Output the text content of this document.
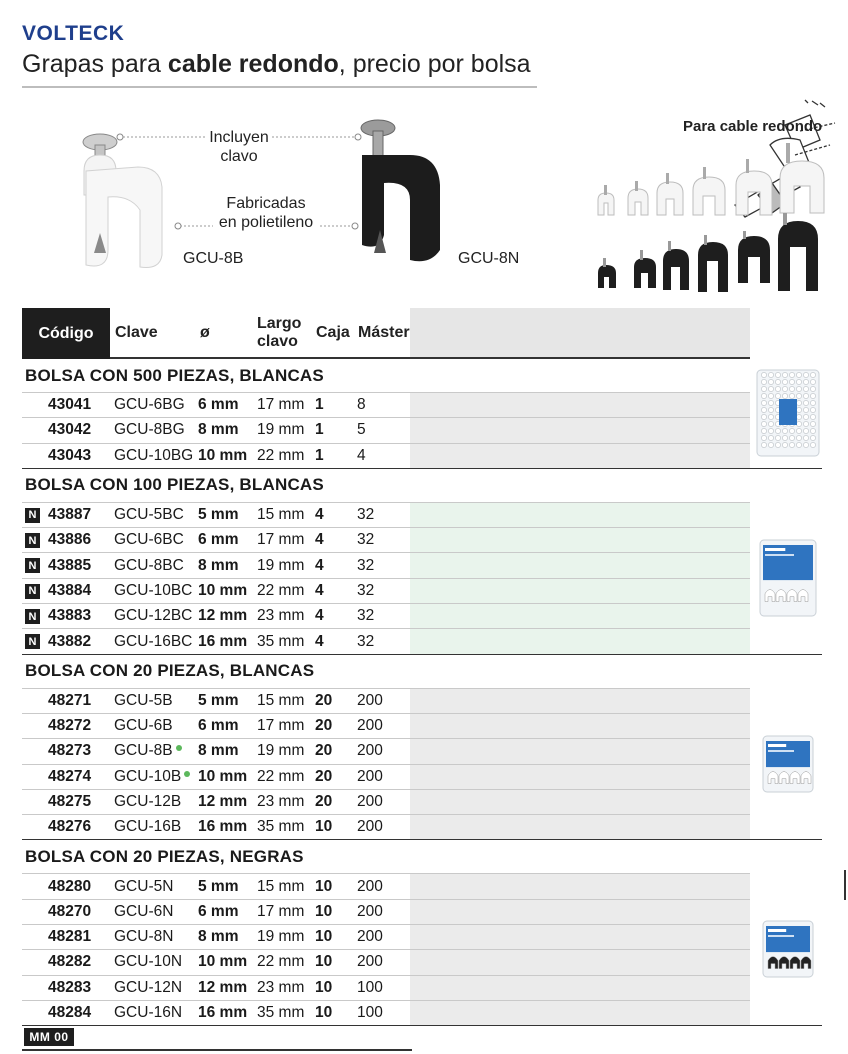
VOLTECK
Grapas para cable redondo, precio por bolsa
Incluyen
clavo
Fabricadas
en polietileno
GCU-8B	GCU-8N
Para cable redondo
Código	Clave	ø
Largo
clavo
Caja Máster
BOLSA CON 500 PIEZAS, BLANCAS
43041 GCU-6BG 6 mm 17 mm 1 8
43042 GCU-8BG 8 mm 19 mm 1 5
43043 GCU-10BG 10 mm 22 mm 1 4
BOLSA CON 100 PIEZAS, BLANCAS
N 43887 GCU-5BC 5 mm 15 mm 4 32
N 43886 GCU-6BC 6 mm 17 mm 4 32
N 43885 GCU-8BC 8 mm 19 mm 4 32
N 43884 GCU-10BC 10 mm 22 mm 4 32
N 43883 GCU-12BC 12 mm 23 mm 4 32
N 43882 GCU-16BC 16 mm 35 mm 4 32
BOLSA CON 20 PIEZAS, BLANCAS
48271 GCU-5B 5 mm 15 mm 20 200
48272 GCU-6B 6 mm 17 mm 20 200
48273 GCU-8B 8 mm 19 mm 20 200
48274 GCU-10B 10 mm 22 mm 20 200
48275 GCU-12B 12 mm 23 mm 20 200
48276 GCU-16B 16 mm 35 mm 10 200
BOLSA CON 20 PIEZAS, NEGRAS
48280 GCU-5N 5 mm 15 mm 10 200
48270 GCU-6N 6 mm 17 mm 10 200
48281 GCU-8N 8 mm 19 mm 10 200
48282 GCU-10N 10 mm 22 mm 10 200
48283 GCU-12N 12 mm 23 mm 10 100
48284 GCU-16N 16 mm 35 mm 10 100
MM 00
